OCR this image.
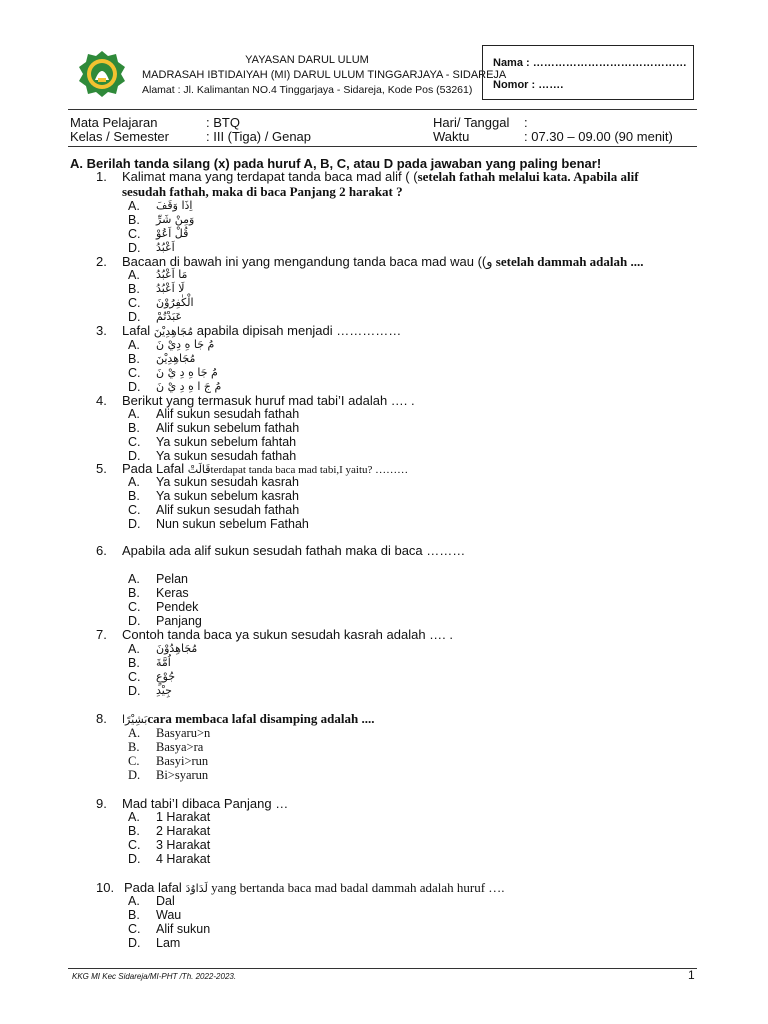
YAYASAN DARUL ULUM
MADRASAH IBTIDAIYAH (MI) DARUL ULUM TINGGARJAYA - SIDAREJA
Alamat : Jl. Kalimantan NO.4 Tinggarjaya - Sidareja, Kode Pos (53261)
Nama : ……………………………………
Nomor : …….
Mata Pelajaran	: BTQ
Kelas / Semester	: III (Tiga) / Genap
Hari/ Tanggal :
Waktu	: 07.30 – 09.00 (90 menit)
A. Berilah tanda silang (x) pada huruf A, B, C, atau D pada jawaban yang paling benar!
1. Kalimat mana yang terdapat tanda baca mad alif ( (setelah fathah melalui kata. Apabila alif
sesudah fathah, maka di baca Panjang 2 harakat ?
A. اِذَا وَقَفَ
B. وَمِنْ شَرِّ
C. قُلْ اَعُوْ
D. اَعْبُدُ
2. Bacaan di bawah ini yang mengandung tanda baca mad wau ((و setelah dammah adalah ....
A. مَا اَعْبُدُ
B. لَا اَعْبُدُ
C. الْكٰفِرُوْنَ
D. عَبَدْتُمْ
3. Lafal مُجَاهِدِيْنَ apabila dipisah menjadi ……………
A. مُ جَا هِ دِيْ نَ
B. مُجَاهِدِيْنَ
C. مُ جَا هِ دِ يْ نَ
D. مُ جَ ا هِ دِ يْ نَ
4. Berikut yang termasuk huruf mad tabi’I adalah …. .
A. Alif sukun sesudah fathah
B. Alif sukun sebelum fathah
C. Ya sukun sebelum fahtah
D. Ya sukun sesudah fathah
5. Pada Lafal قَالَتْterdapat tanda baca mad tabi,I yaitu? ………
A. Ya sukun sesudah kasrah
B. Ya sukun sebelum kasrah
C. Alif sukun sesudah fathah
D. Nun sukun sebelum Fathah
6. Apabila ada alif sukun sesudah fathah maka di baca ………
A. Pelan
B. Keras
C. Pendek
D. Panjang
7. Contoh tanda baca ya sukun sesudah kasrah adalah …. .
A. مُجَاهِدُوْنَ
B. اُمَّةَ
C. جُوْعٍ
D. جِيْدِ
8. بَشِيْرًاcara membaca lafal disamping adalah ....
A. Basyaru>n
B. Basya>ra
C. Basyi>run
D. Bi>syarun
9. Mad tabi’I dibaca Panjang …
A. 1 Harakat
B. 2 Harakat
C. 3 Harakat
D. 4 Harakat
10. Pada lafal لَدَاوُدَ yang bertanda baca mad badal dammah adalah huruf ….
A. Dal
B. Wau
C. Alif sukun
D. Lam
KKG MI Kec Sidareja/MI-PHT /Th. 2022-2023.	1
